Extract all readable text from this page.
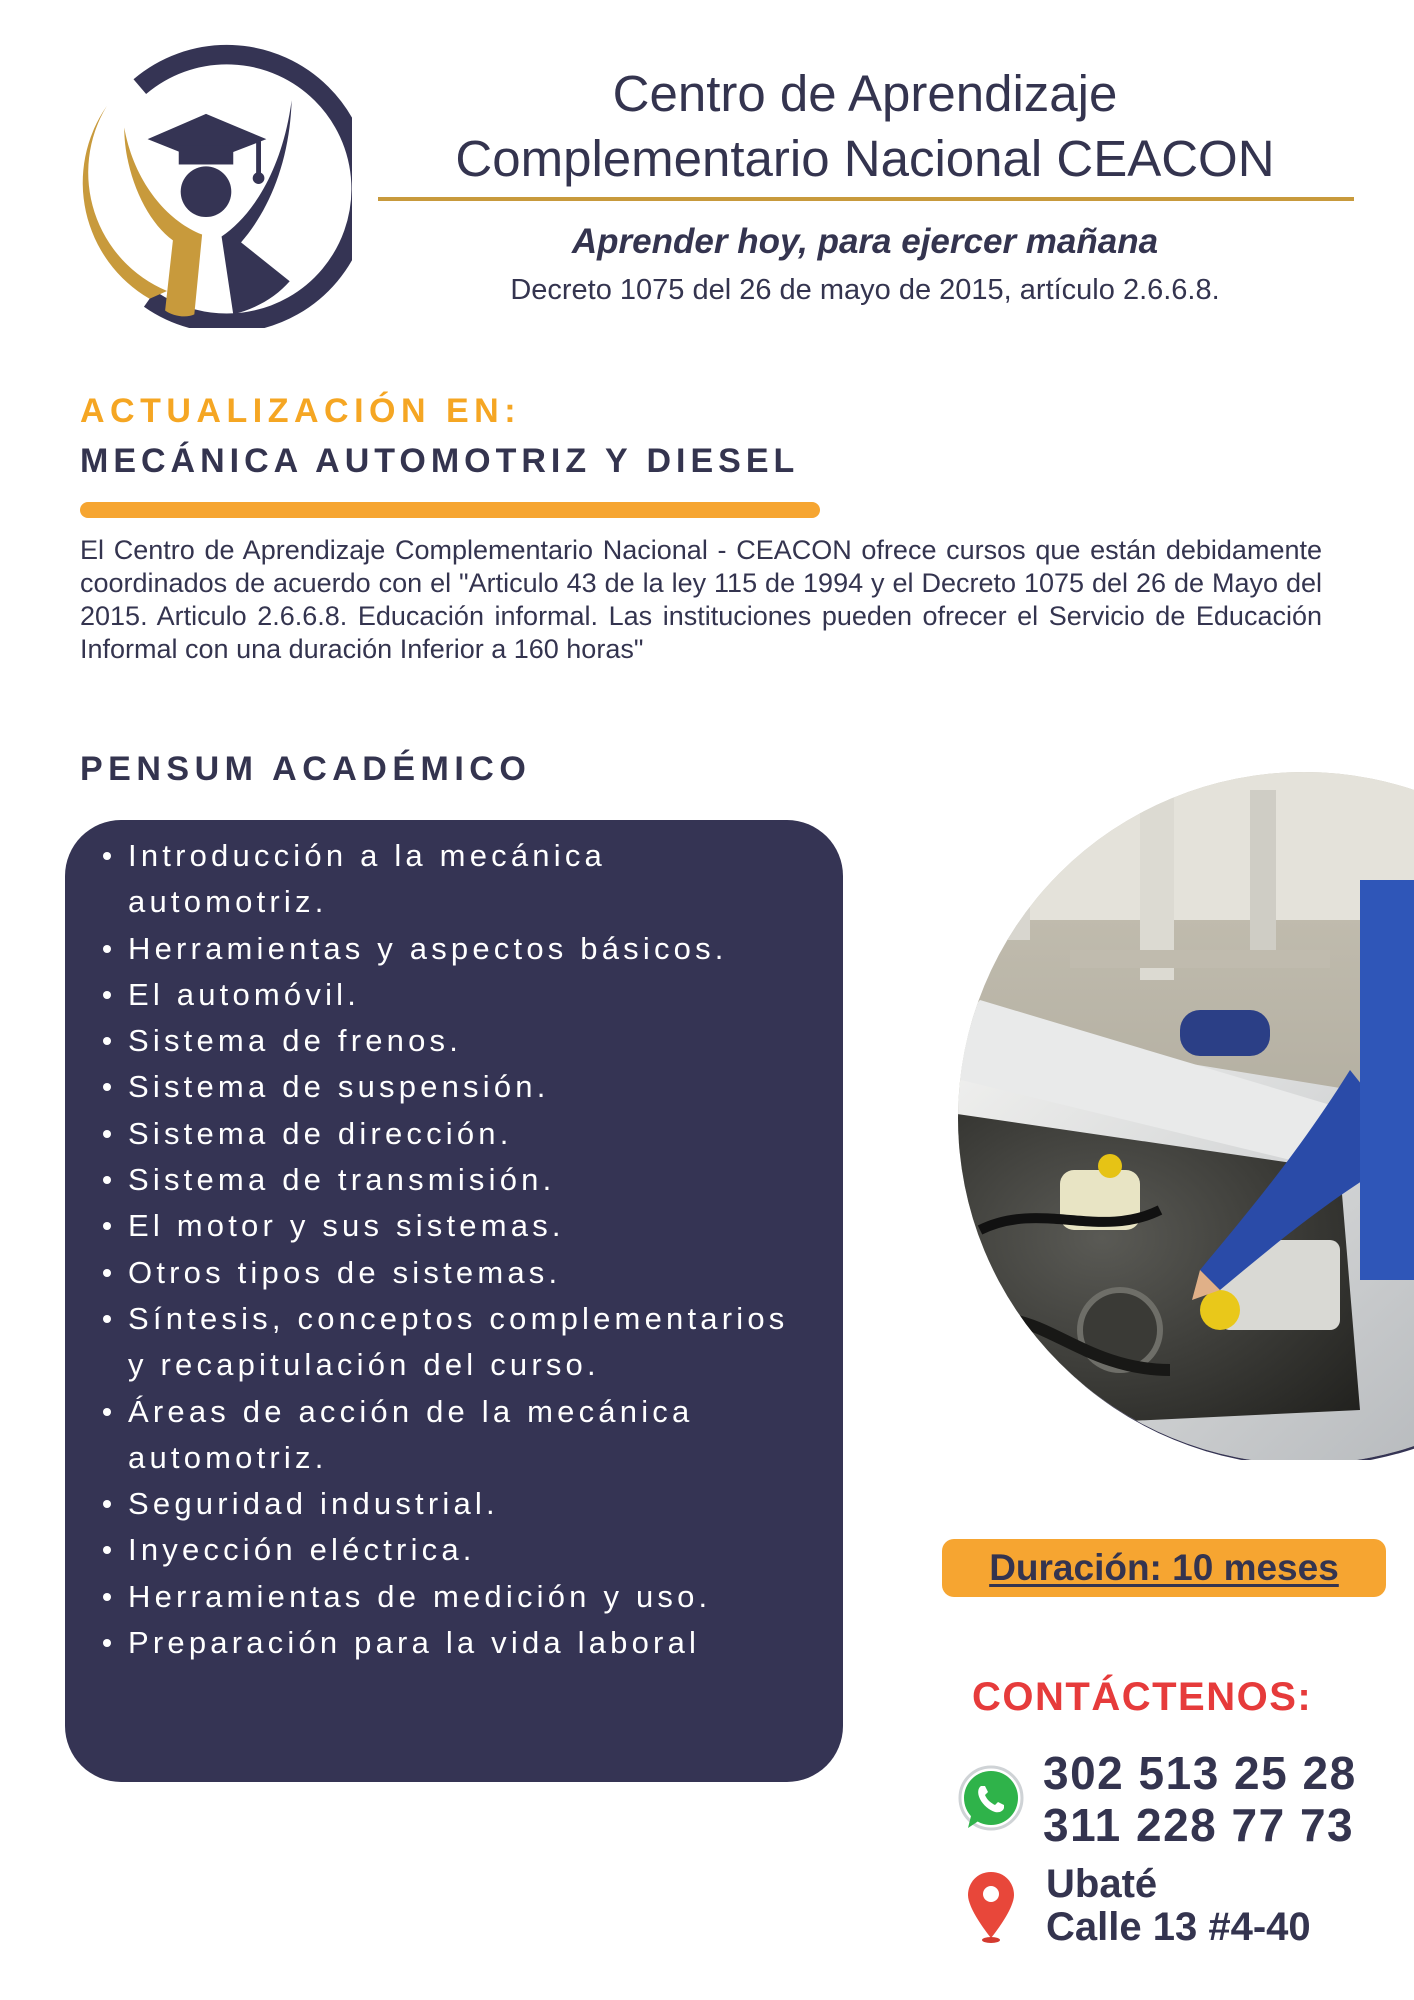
Centro de Aprendizaje
Complementario Nacional CEACON
Aprender hoy, para ejercer mañana
Decreto 1075 del 26 de mayo de 2015, artículo 2.6.6.8.
ACTUALIZACIÓN EN:
MECÁNICA AUTOMOTRIZ Y DIESEL

El Centro de Aprendizaje Complementario Nacional - CEACON ofrece cursos que están debidamente coordinados de acuerdo con el "Articulo 43 de la ley 115 de 1994 y el Decreto 1075 del 26 de Mayo del 2015. Articulo 2.6.6.8. Educación informal. Las instituciones pueden ofrecer el Servicio de Educación Informal con una duración Inferior a 160 horas"

PENSUM ACADÉMICO
Introducción a la mecánica automotriz.
Herramientas y aspectos básicos.
El automóvil.
Sistema de frenos.
Sistema de suspensión.
Sistema de dirección.
Sistema de transmisión.
El motor y sus sistemas.
Otros tipos de sistemas.
Síntesis, conceptos complementarios y recapitulación del curso.
Áreas de acción de la mecánica automotriz.
Seguridad industrial.
Inyección eléctrica.
Herramientas de medición y uso.
Preparación para la vida laboral
Duración: 10 meses
CONTÁCTENOS:
302 513 25 28
311 228 77 73
Ubaté
Calle 13 #4-40
